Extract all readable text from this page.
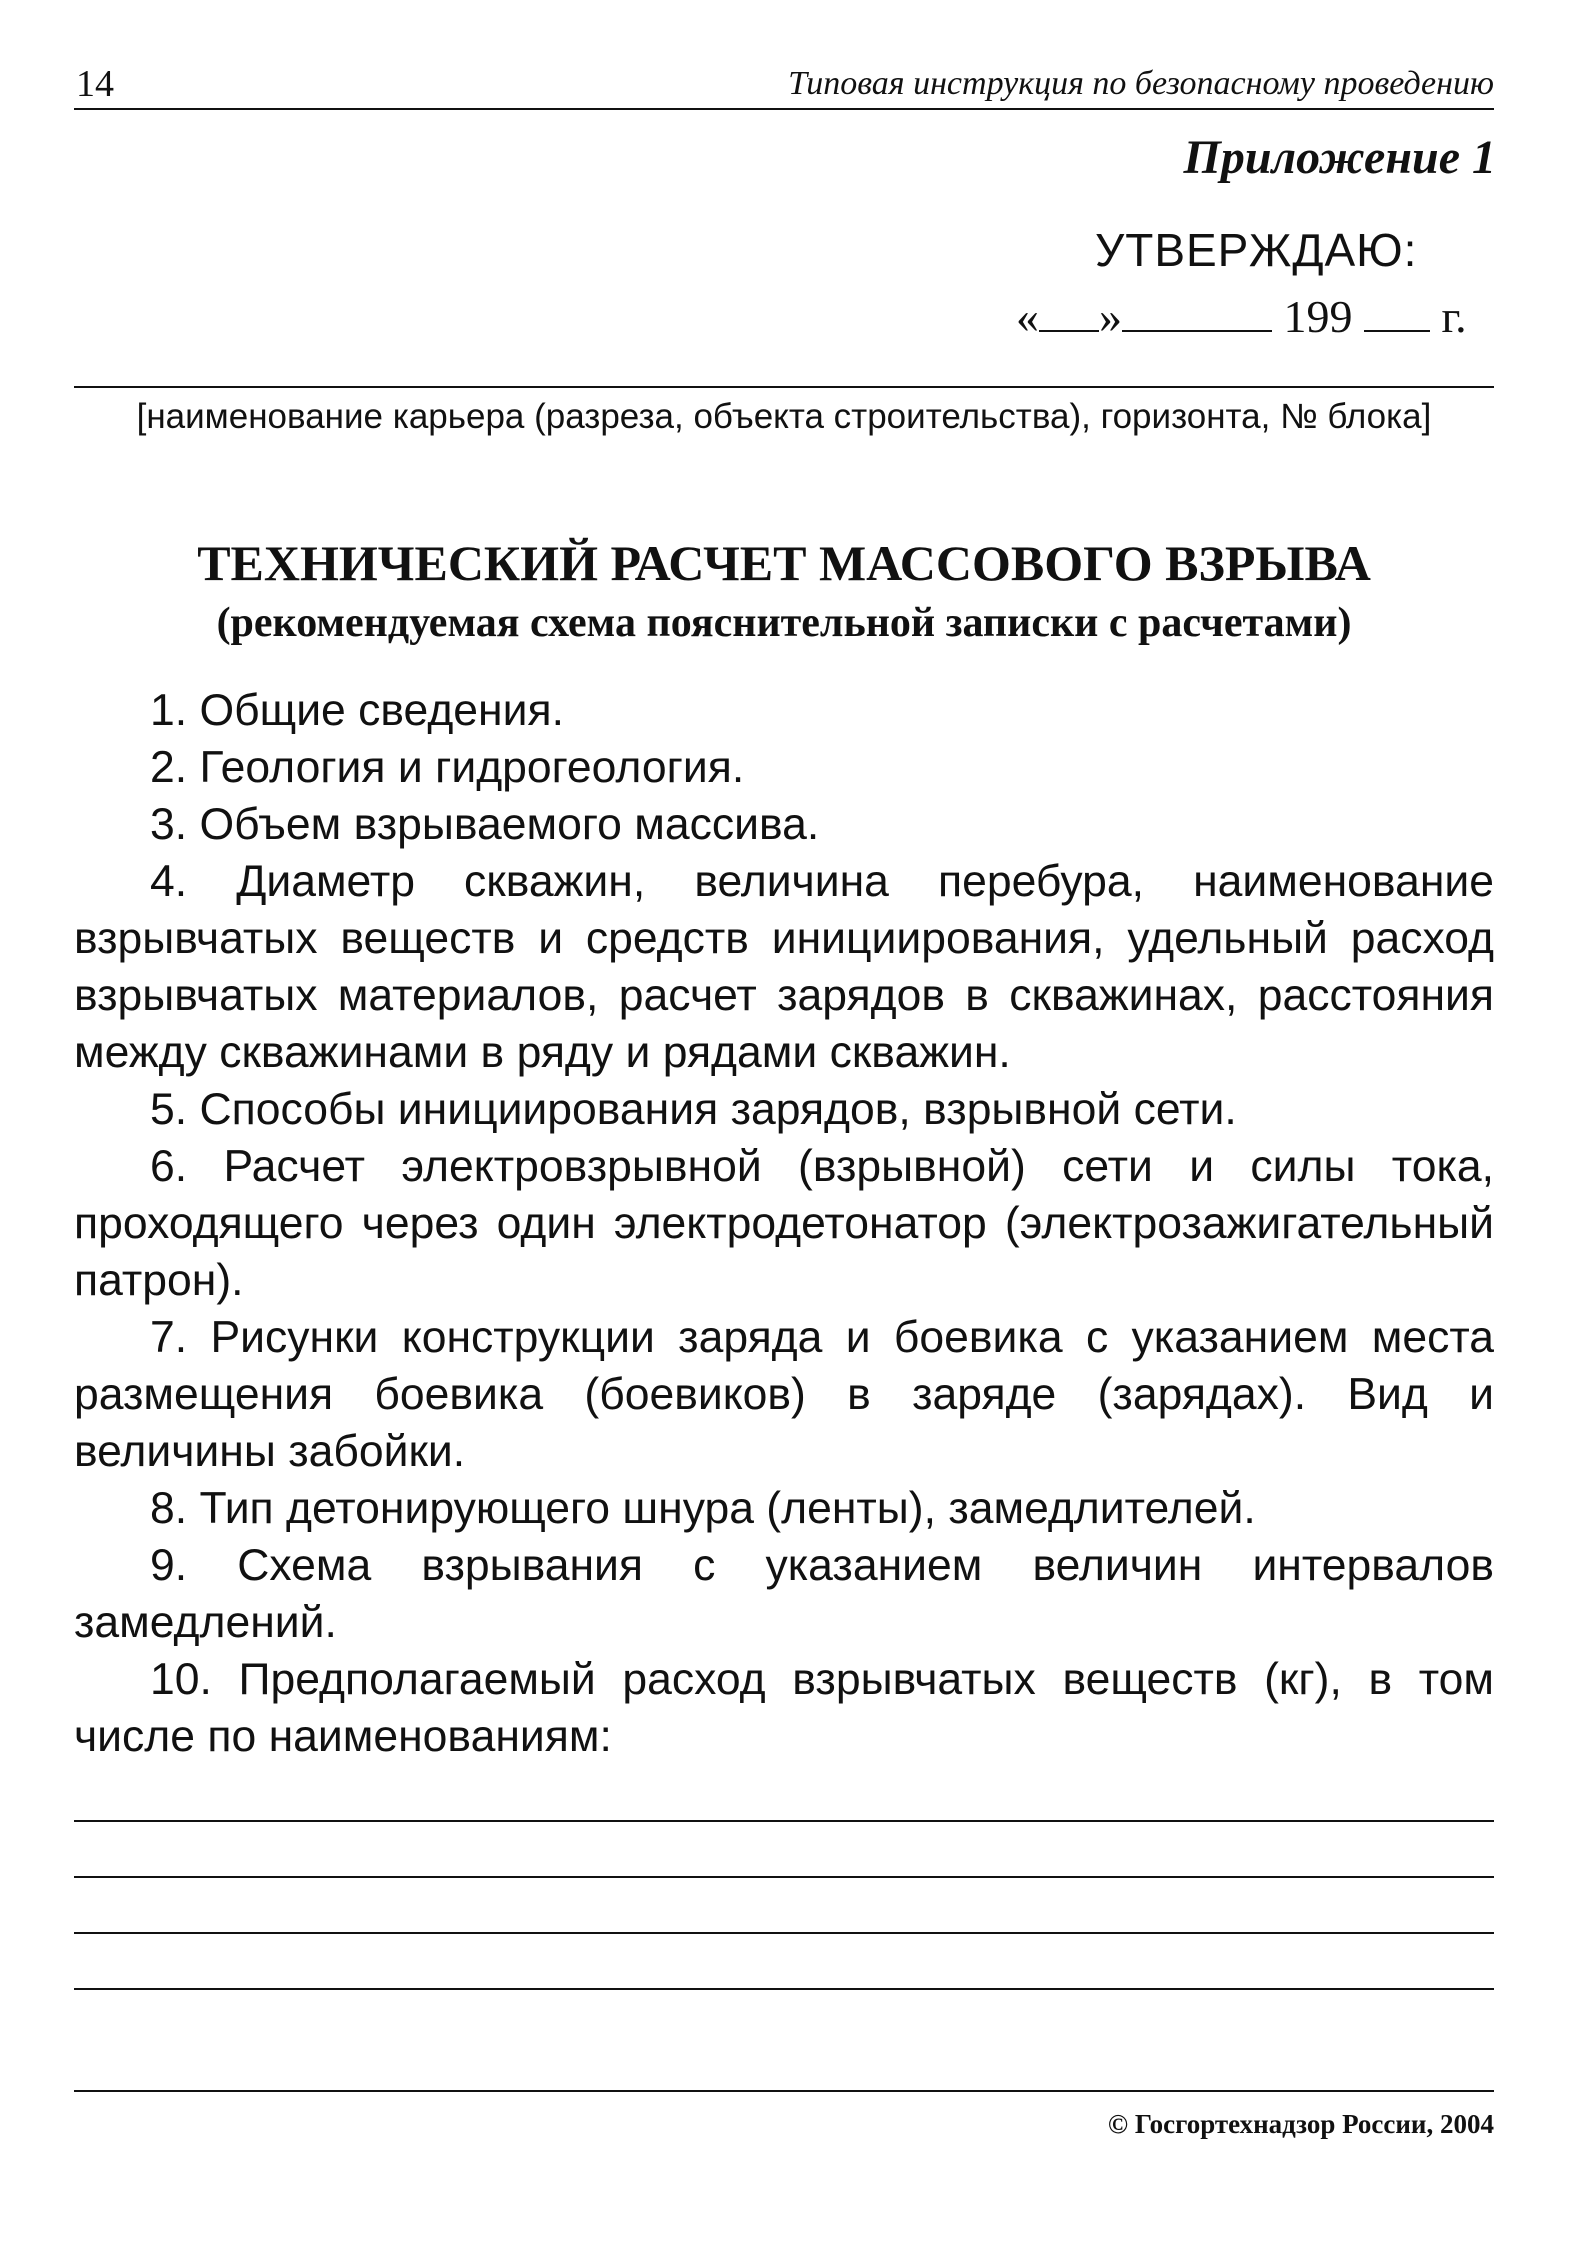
14	Типовая инструкция по безопасному проведению
Приложение 1
УТВЕРЖДАЮ:
« »	199 г.
[наименование карьера (разреза, объекта строительства), горизонта, № блока]
ТЕХНИЧЕСКИЙ РАСЧЕТ МАССОВОГО ВЗРЫВА
(рекомендуемая схема пояснительной записки с расчетами)

1. Общие сведения.

2. Геология и гидрогеология.

3. Объем взрываемого массива.

4. Диаметр скважин, величина перебура, наименование взрывчатых веществ и средств инициирования, удельный расход взрывчатых материалов, расчет зарядов в скважинах, расстояния между скважинами в ряду и рядами скважин.

5. Способы инициирования зарядов, взрывной сети.

6. Расчет электровзрывной (взрывной) сети и силы тока, проходящего через один электродетонатор (электрозажигательный патрон).

7. Рисунки конструкции заряда и боевика с указанием места размещения боевика (боевиков) в заряде (зарядах). Вид и величины забойки.

8. Тип детонирующего шнура (ленты), замедлителей.

9. Схема взрывания с указанием величин интервалов замедлений.

10. Предполагаемый расход взрывчатых веществ (кг), в том числе по наименованиям:

© Госгортехнадзор России, 2004
